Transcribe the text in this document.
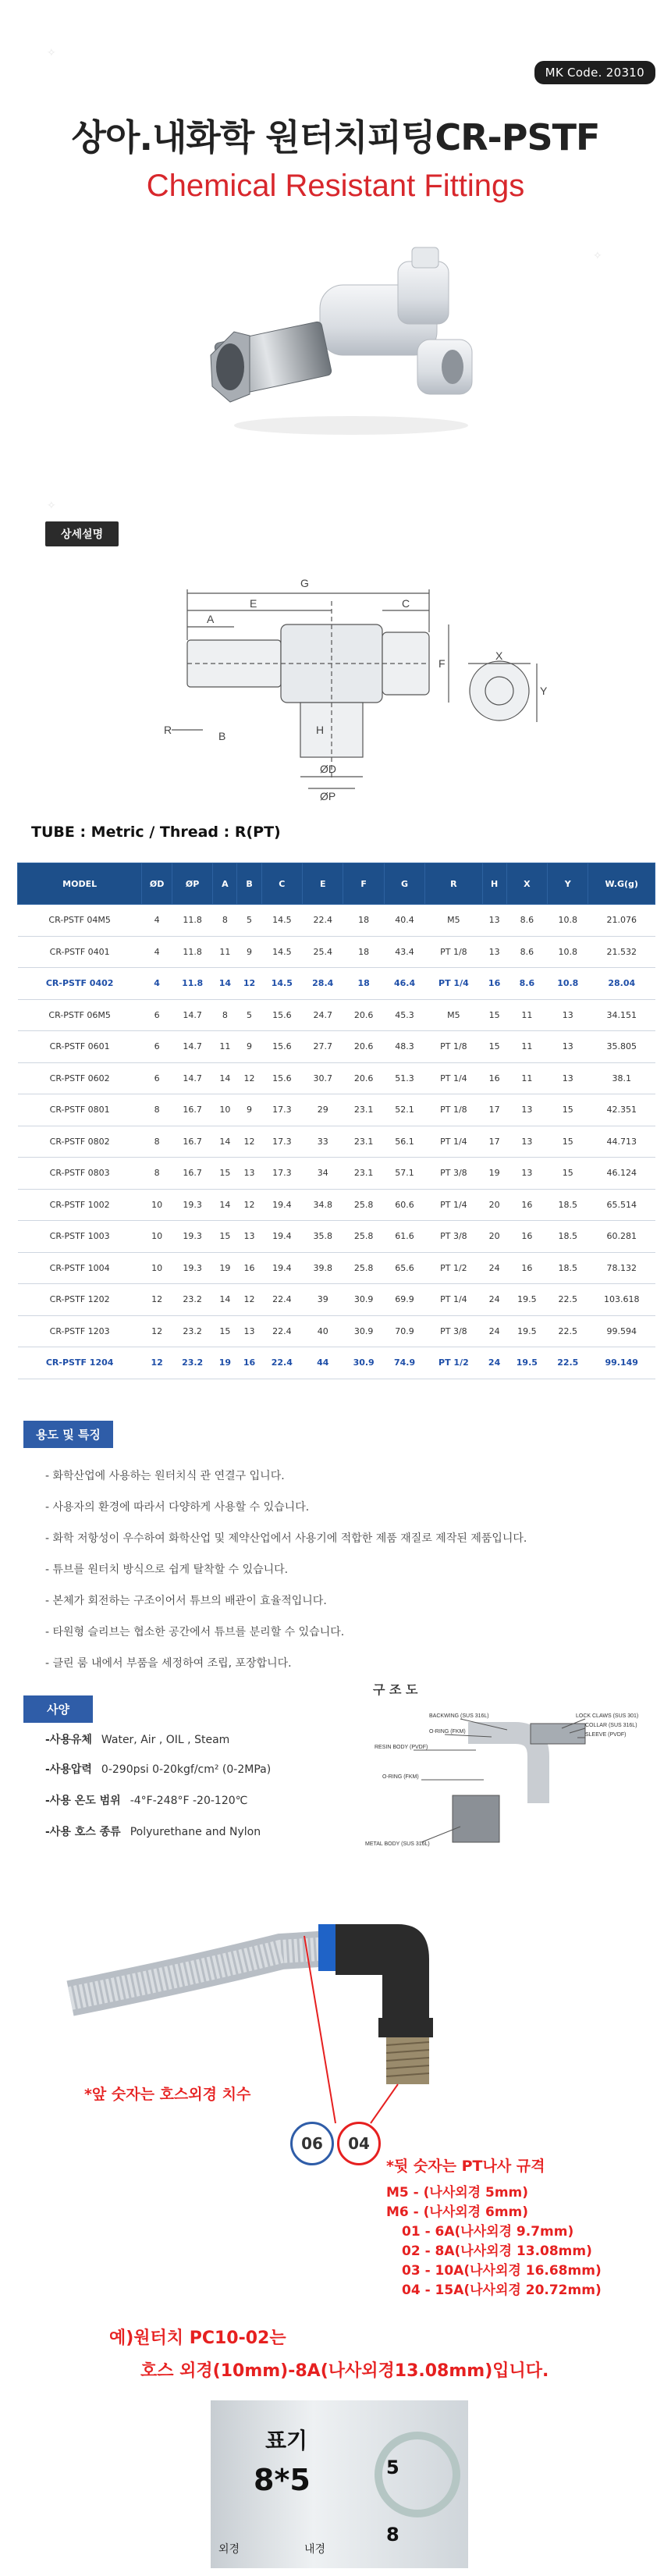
✧
✧
✧
MK Code. 20310
상아.내화학 원터치피팅CR-PSTF
Chemical Resistant Fittings
상세설명
G
E
A
C
F
H
R	B
ØD
ØP
X
Y
TUBE : Metric / Thread : R(PT)
MODEL	ØD	ØP	A	B	C	E	F	G	R	H	X	Y	W.G(g)
CR-PSTF 04M5	4	11.8	8	5	14.5	22.4	18	40.4	M5	13	8.6	10.8	21.076
CR-PSTF 0401	4	11.8	11	9	14.5	25.4	18	43.4	PT 1/8	13	8.6	10.8	21.532
CR-PSTF 0402	4	11.8	14	12	14.5	28.4	18	46.4	PT 1/4	16	8.6	10.8	28.04
CR-PSTF 06M5	6	14.7	8	5	15.6	24.7	20.6	45.3	M5	15	11	13	34.151
CR-PSTF 0601	6	14.7	11	9	15.6	27.7	20.6	48.3	PT 1/8	15	11	13	35.805
CR-PSTF 0602	6	14.7	14	12	15.6	30.7	20.6	51.3	PT 1/4	16	11	13	38.1
CR-PSTF 0801	8	16.7	10	9	17.3	29	23.1	52.1	PT 1/8	17	13	15	42.351
CR-PSTF 0802	8	16.7	14	12	17.3	33	23.1	56.1	PT 1/4	17	13	15	44.713
CR-PSTF 0803	8	16.7	15	13	17.3	34	23.1	57.1	PT 3/8	19	13	15	46.124
CR-PSTF 1002	10	19.3	14	12	19.4	34.8	25.8	60.6	PT 1/4	20	16	18.5	65.514
CR-PSTF 1003	10	19.3	15	13	19.4	35.8	25.8	61.6	PT 3/8	20	16	18.5	60.281
CR-PSTF 1004	10	19.3	19	16	19.4	39.8	25.8	65.6	PT 1/2	24	16	18.5	78.132
CR-PSTF 1202	12	23.2	14	12	22.4	39	30.9	69.9	PT 1/4	24	19.5	22.5	103.618
CR-PSTF 1203	12	23.2	15	13	22.4	40	30.9	70.9	PT 3/8	24	19.5	22.5	99.594
CR-PSTF 1204	12	23.2	19	16	22.4	44	30.9	74.9	PT 1/2	24	19.5	22.5	99.149
용도 및 특징
- 화학산업에 사용하는 원터치식 관 연결구 입니다.
- 사용자의 환경에 따라서 다양하게 사용할 수 있습니다.
- 화학 저항성이 우수하여 화학산업 및 제약산업에서 사용기에 적합한 제품 재질로 제작된 제품입니다.
- 튜브를 원터치 방식으로 쉽게 탈착할 수 있습니다.
- 본체가 회전하는 구조이어서 튜브의 배관이 효율적입니다.
- 타원형 슬리브는 협소한 공간에서 튜브를 분리할 수 있습니다.
- 클린 룸 내에서 부품을 세정하여 조립, 포장합니다.
사양
-사용유체 Water, Air , OIL , Steam
-사용압력 0-290psi 0-20kgf/cm² (0-2MPa)
-사용 온도 범위 -4°F-248°F -20-120℃
-사용 호스 종류 Polyurethane and Nylon
구 조 도
BACKWING (SUS 316L)
O-RING (FKM)
RESIN BODY (PVDF)
LOCK CLAWS (SUS 301)
COLLAR (SUS 316L)
SLEEVE (PVDF)
O-RING (FKM)
METAL BODY (SUS 316L)
*앞 숫자는 호스외경 치수
06	04
*뒷 숫자는 PT나사 규격
M5 - (나사외경 5mm)
M6 - (나사외경 6mm)
01 - 6A(나사외경 9.7mm)
02 - 8A(나사외경 13.08mm)
03 - 10A(나사외경 16.68mm)
04 - 15A(나사외경 20.72mm)
예)원터치 PC10-02는
호스 외경(10mm)-8A(나사외경13.08mm)입니다.
표기
8*5
외경	내경
5
8
